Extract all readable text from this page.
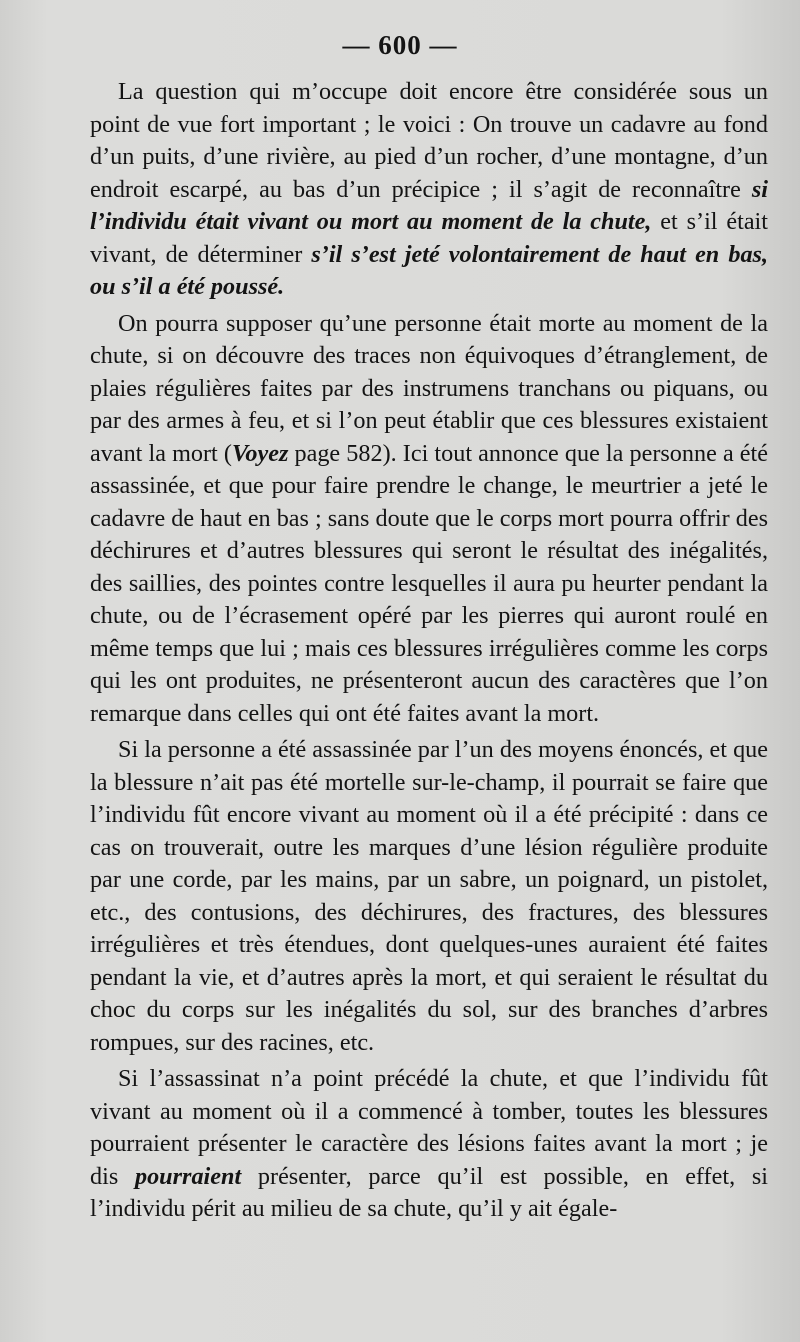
— 600 —

La question qui m’occupe doit encore être considérée sous un point de vue fort important ; le voici : On trouve un cadavre au fond d’un puits, d’une rivière, au pied d’un rocher, d’une montagne, d’un endroit escarpé, au bas d’un précipice ; il s’agit de reconnaître si l’individu était vivant ou mort au moment de la chute, et s’il était vivant, de déterminer s’il s’est jeté volontairement de haut en bas, ou s’il a été poussé.

On pourra supposer qu’une personne était morte au moment de la chute, si on découvre des traces non équivoques d’étranglement, de plaies régulières faites par des instrumens tranchans ou piquans, ou par des armes à feu, et si l’on peut établir que ces blessures existaient avant la mort (Voyez page 582). Ici tout annonce que la personne a été assassinée, et que pour faire prendre le change, le meurtrier a jeté le cadavre de haut en bas ; sans doute que le corps mort pourra offrir des déchirures et d’autres blessures qui seront le résultat des inégalités, des saillies, des pointes contre lesquelles il aura pu heurter pendant la chute, ou de l’écrasement opéré par les pierres qui auront roulé en même temps que lui ; mais ces blessures irrégulières comme les corps qui les ont produites, ne présenteront aucun des caractères que l’on remarque dans celles qui ont été faites avant la mort.

Si la personne a été assassinée par l’un des moyens énoncés, et que la blessure n’ait pas été mortelle sur-le-champ, il pourrait se faire que l’individu fût encore vivant au moment où il a été précipité : dans ce cas on trouverait, outre les marques d’une lésion régulière produite par une corde, par les mains, par un sabre, un poignard, un pistolet, etc., des contusions, des déchirures, des fractures, des blessures irrégulières et très étendues, dont quelques-unes auraient été faites pendant la vie, et d’autres après la mort, et qui seraient le résultat du choc du corps sur les inégalités du sol, sur des branches d’arbres rompues, sur des racines, etc.

Si l’assassinat n’a point précédé la chute, et que l’individu fût vivant au moment où il a commencé à tomber, toutes les blessures pourraient présenter le caractère des lésions faites avant la mort ; je dis pourraient présenter, parce qu’il est possible, en effet, si l’individu périt au milieu de sa chute, qu’il y ait égale-
